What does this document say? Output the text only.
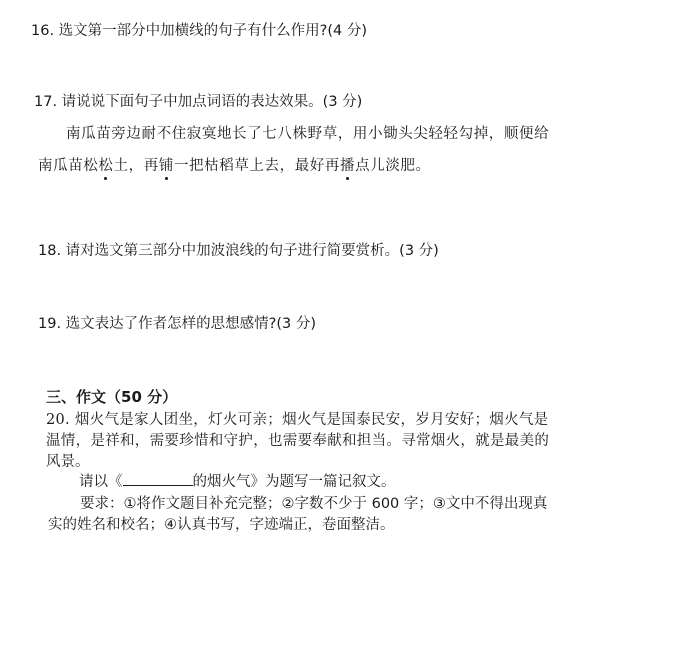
16. 选文第一部分中加横线的句子有什么作用?(4 分)
17. 请说说下面句子中加点词语的表达效果。(3 分)
南瓜苗旁边耐不住寂寞地长了七八株野草，用小锄头尖轻轻勾掉，顺便给
南瓜苗松松土，再铺一把枯稻草上去，最好再播点儿淡肥。
18. 请对选文第三部分中加波浪线的句子进行简要赏析。(3 分)
19. 选文表达了作者怎样的思想感情?(3 分)
三、作文（50 分）
20. 烟火气是家人团坐，灯火可亲；烟火气是国泰民安，岁月安好；烟火气是
温情，是祥和，需要珍惜和守护，也需要奉献和担当。寻常烟火，就是最美的
风景。
请以《	的烟火气》为题写一篇记叙文。
要求：①将作文题目补充完整；②字数不少于 600 字；③文中不得出现真
实的姓名和校名；④认真书写，字迹端正，卷面整洁。
